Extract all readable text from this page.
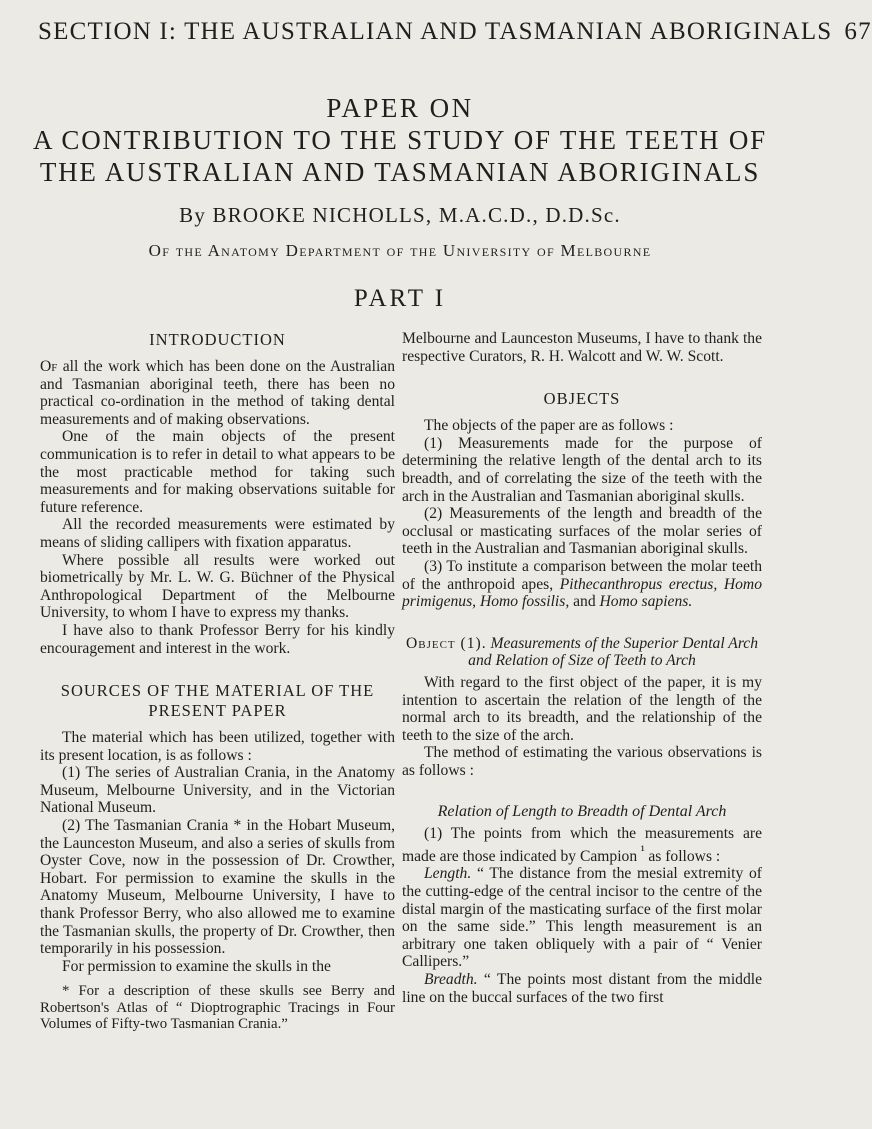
SECTION I: THE AUSTRALIAN AND TASMANIAN ABORIGINALS 67
PAPER ON
A CONTRIBUTION TO THE STUDY OF THE TEETH OF
THE AUSTRALIAN AND TASMANIAN ABORIGINALS
By BROOKE NICHOLLS, M.A.C.D., D.D.Sc.
Of the Anatomy Department of the University of Melbourne
PART I
INTRODUCTION

Of all the work which has been done on the Australian and Tasmanian aboriginal teeth, there has been no practical co-ordination in the method of taking dental measurements and of making observations.

One of the main objects of the present communication is to refer in detail to what appears to be the most practicable method for taking such measurements and for making observations suitable for future reference.

All the recorded measurements were estimated by means of sliding callipers with fixation apparatus.

Where possible all results were worked out biometrically by Mr. L. W. G. Büchner of the Physical Anthropological Department of the Melbourne University, to whom I have to express my thanks.

I have also to thank Professor Berry for his kindly encouragement and interest in the work.

SOURCES OF THE MATERIAL OF THE PRESENT PAPER

The material which has been utilized, together with its present location, is as follows :

(1) The series of Australian Crania, in the Anatomy Museum, Melbourne University, and in the Victorian National Museum.

(2) The Tasmanian Crania * in the Hobart Museum, the Launceston Museum, and also a series of skulls from Oyster Cove, now in the possession of Dr. Crowther, Hobart. For permission to examine the skulls in the Anatomy Museum, Melbourne University, I have to thank Professor Berry, who also allowed me to examine the Tasmanian skulls, the property of Dr. Crowther, then temporarily in his possession.

For permission to examine the skulls in the

* For a description of these skulls see Berry and Robertson's Atlas of “ Dioptrographic Tracings in Four Volumes of Fifty-two Tasmanian Crania.”

Melbourne and Launceston Museums, I have to thank the respective Curators, R. H. Walcott and W. W. Scott.

OBJECTS

The objects of the paper are as follows :

(1) Measurements made for the purpose of determining the relative length of the dental arch to its breadth, and of correlating the size of the teeth with the arch in the Australian and Tasmanian aboriginal skulls.

(2) Measurements of the length and breadth of the occlusal or masticating surfaces of the molar series of teeth in the Australian and Tasmanian aboriginal skulls.

(3) To institute a comparison between the molar teeth of the anthropoid apes, Pithecanthropus erectus, Homo primigenus, Homo fossilis, and Homo sapiens.

Object (1). Measurements of the Superior Dental Arch and Relation of Size of Teeth to Arch

With regard to the first object of the paper, it is my intention to ascertain the relation of the length of the normal arch to its breadth, and the relationship of the teeth to the size of the arch.

The method of estimating the various observations is as follows :

Relation of Length to Breadth of Dental Arch

(1) The points from which the measurements are made are those indicated by Campion $^{^1}$ as follows :

Length. “ The distance from the mesial extremity of the cutting-edge of the central incisor to the centre of the distal margin of the masticating surface of the first molar on the same side.” This length measurement is an arbitrary one taken obliquely with a pair of “ Venier Callipers.”

Breadth. “ The points most distant from the middle line on the buccal surfaces of the two first
